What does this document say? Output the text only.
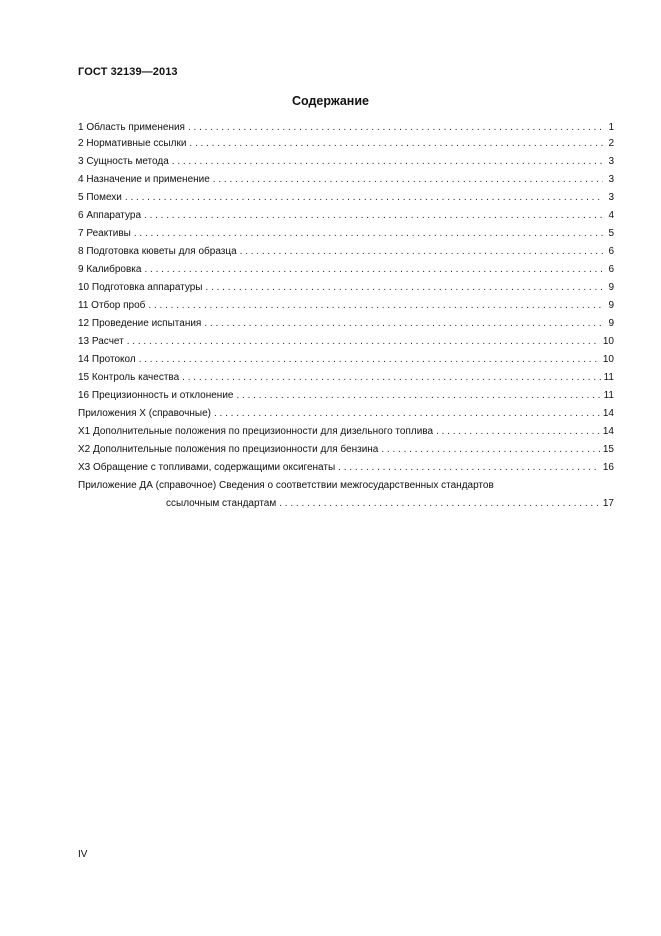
ГОСТ 32139—2013
Содержание
1 Область применения . . .	1
2 Нормативные ссылки . . .	2
3 Сущность метода . . .	3
4 Назначение и применение . . .	3
5 Помехи . . .	3
6 Аппаратура . . .	4
7 Реактивы . . .	5
8 Подготовка кюветы для образца . . .	6
9 Калибровка . . .	6
10 Подготовка аппаратуры . . .	9
11 Отбор проб . . .	9
12 Проведение испытания . . .	9
13 Расчет . . .	10
14 Протокол . . .	10
15 Контроль качества . . .	11
16 Прецизионность и отклонение . . .	11
Приложения Х (справочные) . . .	14
Х1 Дополнительные положения по прецизионности для дизельного топлива . . .	14
Х2 Дополнительные положения по прецизионности для бензина . . .	15
Х3 Обращение с топливами, содержащими оксигенаты . . .	16
Приложение ДА (справочное) Сведения о соответствии межгосударственных стандартов
ссылочным стандартам . . .	17
IV
